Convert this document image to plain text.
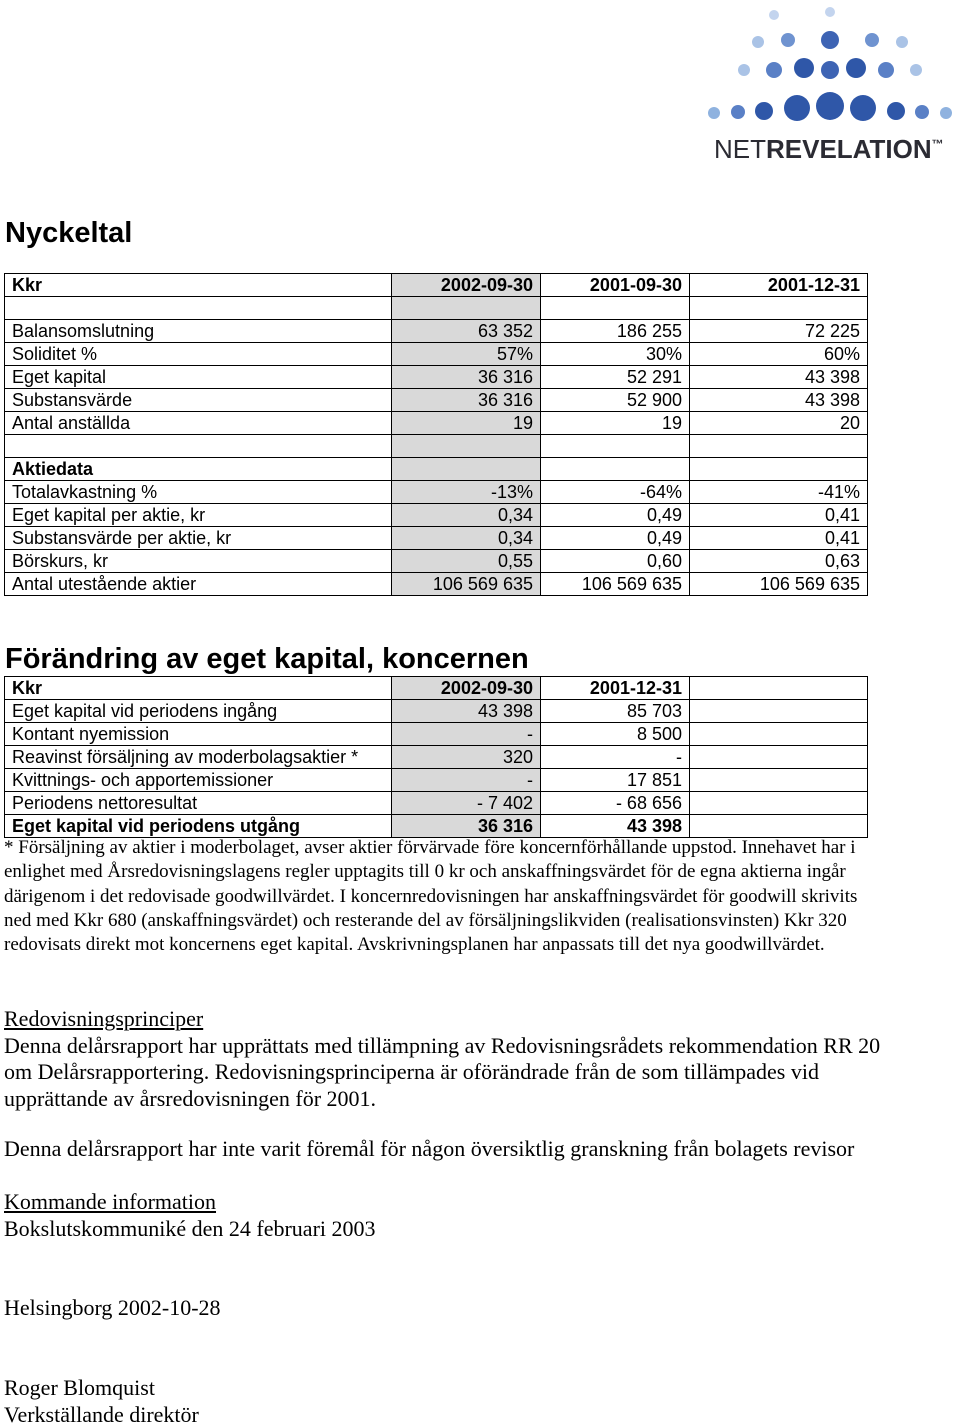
NETREVELATION™
Nyckeltal
Kkr	2002-09-30	2001-09-30	2001-12-31

Balansomslutning	63 352	186 255	72 225
Soliditet %	57%	30%	60%
Eget kapital	36 316	52 291	43 398
Substansvärde	36 316	52 900	43 398
Antal anställda	19	19	20

Aktiedata			
Totalavkastning %	-13%	-64%	-41%
Eget kapital per aktie, kr	0,34	0,49	0,41
Substansvärde per aktie, kr	0,34	0,49	0,41
Börskurs, kr	0,55	0,60	0,63
Antal utestående aktier	106 569 635	106 569 635	106 569 635
Förändring av eget kapital, koncernen
Kkr	2002-09-30	2001-12-31	
Eget kapital vid periodens ingång	43 398	85 703	
Kontant nyemission	-	8 500	
Reavinst försäljning av moderbolagsaktier *	320	-	
Kvittnings- och apportemissioner	-	17 851	
Periodens nettoresultat	- 7 402	- 68 656	
Eget kapital vid periodens utgång	36 316	43 398	
* Försäljning av aktier i moderbolaget, avser aktier förvärvade före koncernförhållande uppstod. Innehavet har i
enlighet med Årsredovisningslagens regler upptagits till 0 kr och anskaffningsvärdet för de egna aktierna ingår
därigenom i det redovisade goodwillvärdet. I koncernredovisningen har anskaffningsvärdet för goodwill skrivits
ned med Kkr 680 (anskaffningsvärdet) och resterande del av försäljningslikviden (realisationsvinsten) Kkr 320
redovisats direkt mot koncernens eget kapital. Avskrivningsplanen har anpassats till det nya goodwillvärdet.
Redovisningsprinciper
Denna delårsrapport har upprättats med tillämpning av Redovisningsrådets rekommendation RR 20
om Delårsrapportering. Redovisningsprinciperna är oförändrade från de som tillämpades vid
upprättande av årsredovisningen för 2001.
Denna delårsrapport har inte varit föremål för någon översiktlig granskning från bolagets revisor
Kommande information
Bokslutskommuniké den 24 februari 2003
Helsingborg 2002-10-28
Roger Blomquist
Verkställande direktör
